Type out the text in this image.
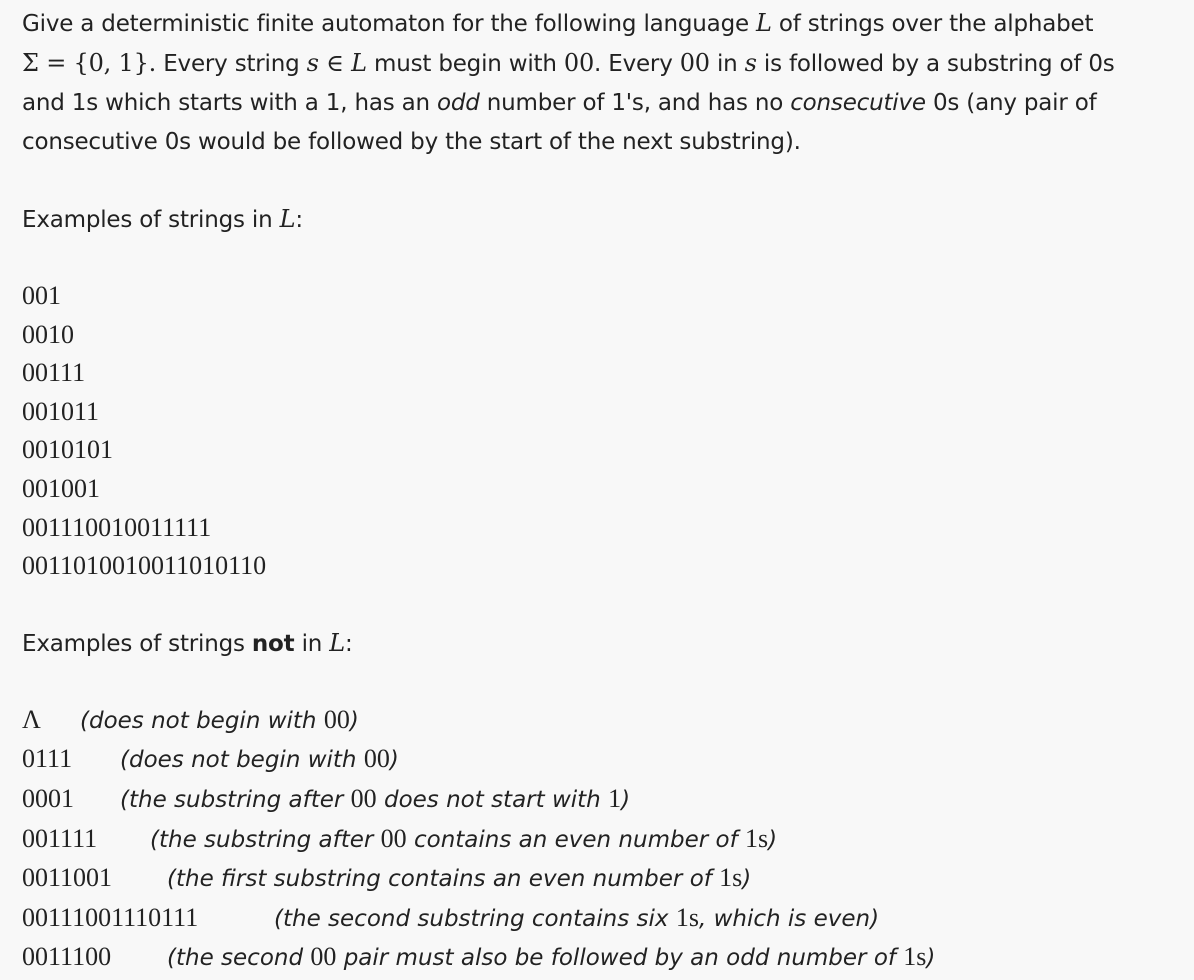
Give a deterministic finite automaton for the following language L of strings over the alphabet
Σ = {0, 1}. Every string s ∈ L must begin with 00. Every 00 in s is followed by a substring of 0s
and 1s which starts with a 1, has an odd number of 1's, and has no consecutive 0s (any pair of
consecutive 0s would be followed by the start of the next substring).

Examples of strings in L:

001
0010
00111
001011
0010101
001001
001110010011111
0011010010011010110

Examples of strings not in L:

Λ (does not begin with 00)
0111 (does not begin with 00)
0001 (the substring after 00 does not start with 1)
001111 (the substring after 00 contains an even number of 1s)
0011001 (the first substring contains an even number of 1s)
00111001110111	(the second substring contains six 1s, which is even)
0011100 (the second 00 pair must also be followed by an odd number of 1s)
